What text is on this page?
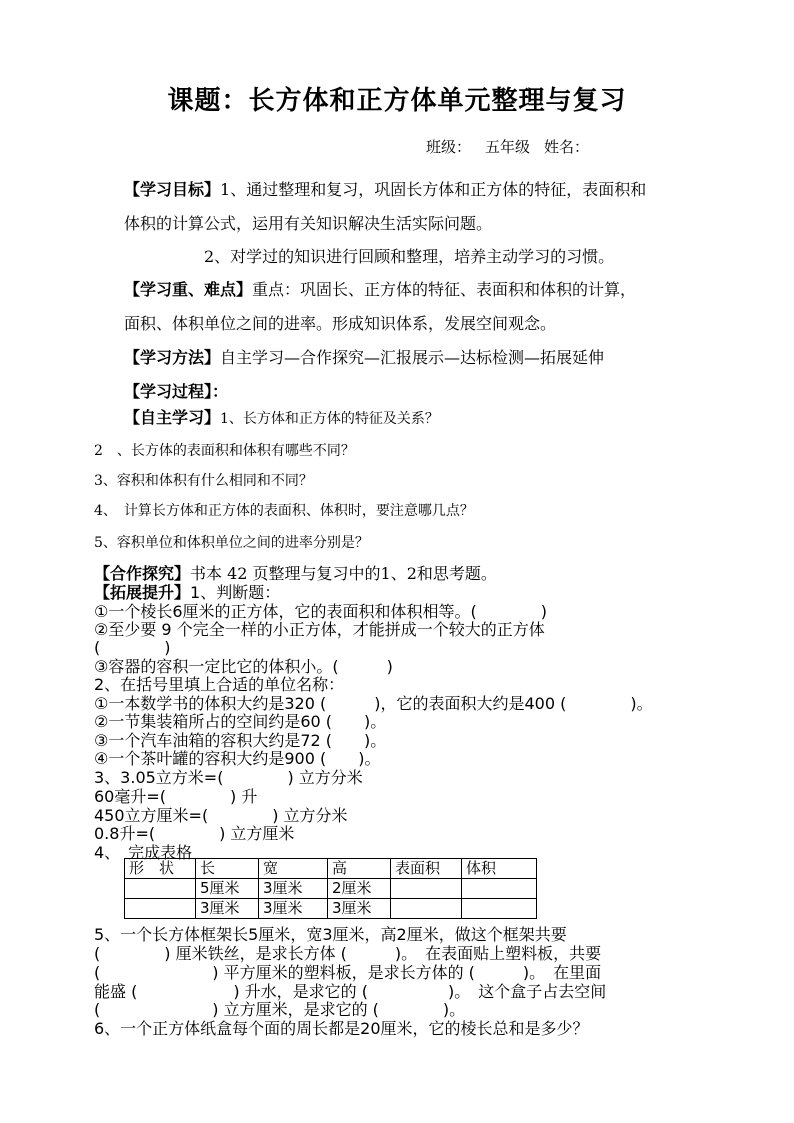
课题：长方体和正方体单元整理与复习
班级： 五年级 姓名：
【学习目标】1、通过整理和复习，巩固长方体和正方体的特征，表面积和
体积的计算公式，运用有关知识解决生活实际问题。
2、对学过的知识进行回顾和整理，培养主动学习的习惯。
【学习重、难点】重点：巩固长、正方体的特征、表面积和体积的计算，
面积、体积单位之间的进率。形成知识体系，发展空间观念。
【学习方法】自主学习—合作探究—汇报展示—达标检测—拓展延伸
【学习过程】：
【自主学习】1、长方体和正方体的特征及关系？
2　、长方体的表面积和体积有哪些不同？
3、容积和体积有什么相同和不同？
4、　计算长方体和正方体的表面积、体积时，要注意哪几点？
5、容积单位和体积单位之间的进率分别是？
【合作探究】书本 42 页整理与复习中的1、2和思考题。
【拓展提升】1、判断题：
①一个棱长6厘米的正方体，它的表面积和体积相等。(　　　　)
②至少要 9 个完全一样的小正方体，才能拼成一个较大的正方体
(　　　　)
③容器的容积一定比它的体积小。(　　　)
2、在括号里填上合适的单位名称：
①一本数学书的体积大约是320 (　　　)，它的表面积大约是400 (　　　　)。
②一节集装箱所占的空间约是60 (　　)。
③一个汽车油箱的容积大约是72 (　　)。
④一个茶叶罐的容积大约是900 (　　)。
3、3.05立方米=(　　　　) 立方分米
60毫升=(　　　　) 升
450立方厘米=(　　　　) 立方分米
0.8升=(　　　　) 立方厘米
4、　完成表格
形　状	长	宽	高	表面积	体积
	5厘米	3厘米	2厘米		
	3厘米	3厘米	3厘米		
5、一个长方体框架长5厘米，宽3厘米，高2厘米，做这个框架共要
(　　　　) 厘米铁丝，是求长方体 (　　　)。　在表面贴上塑料板，共要
(　　　　　　　) 平方厘米的塑料板，是求长方体的 (　　　)。　在里面
能盛 (　　　　　　) 升水，是求它的 (　　　　　)。　这个盒子占去空间
(　　　　　　　) 立方厘米，是求它的 (　　　　)。
6、一个正方体纸盒每个面的周长都是20厘米，它的棱长总和是多少？
